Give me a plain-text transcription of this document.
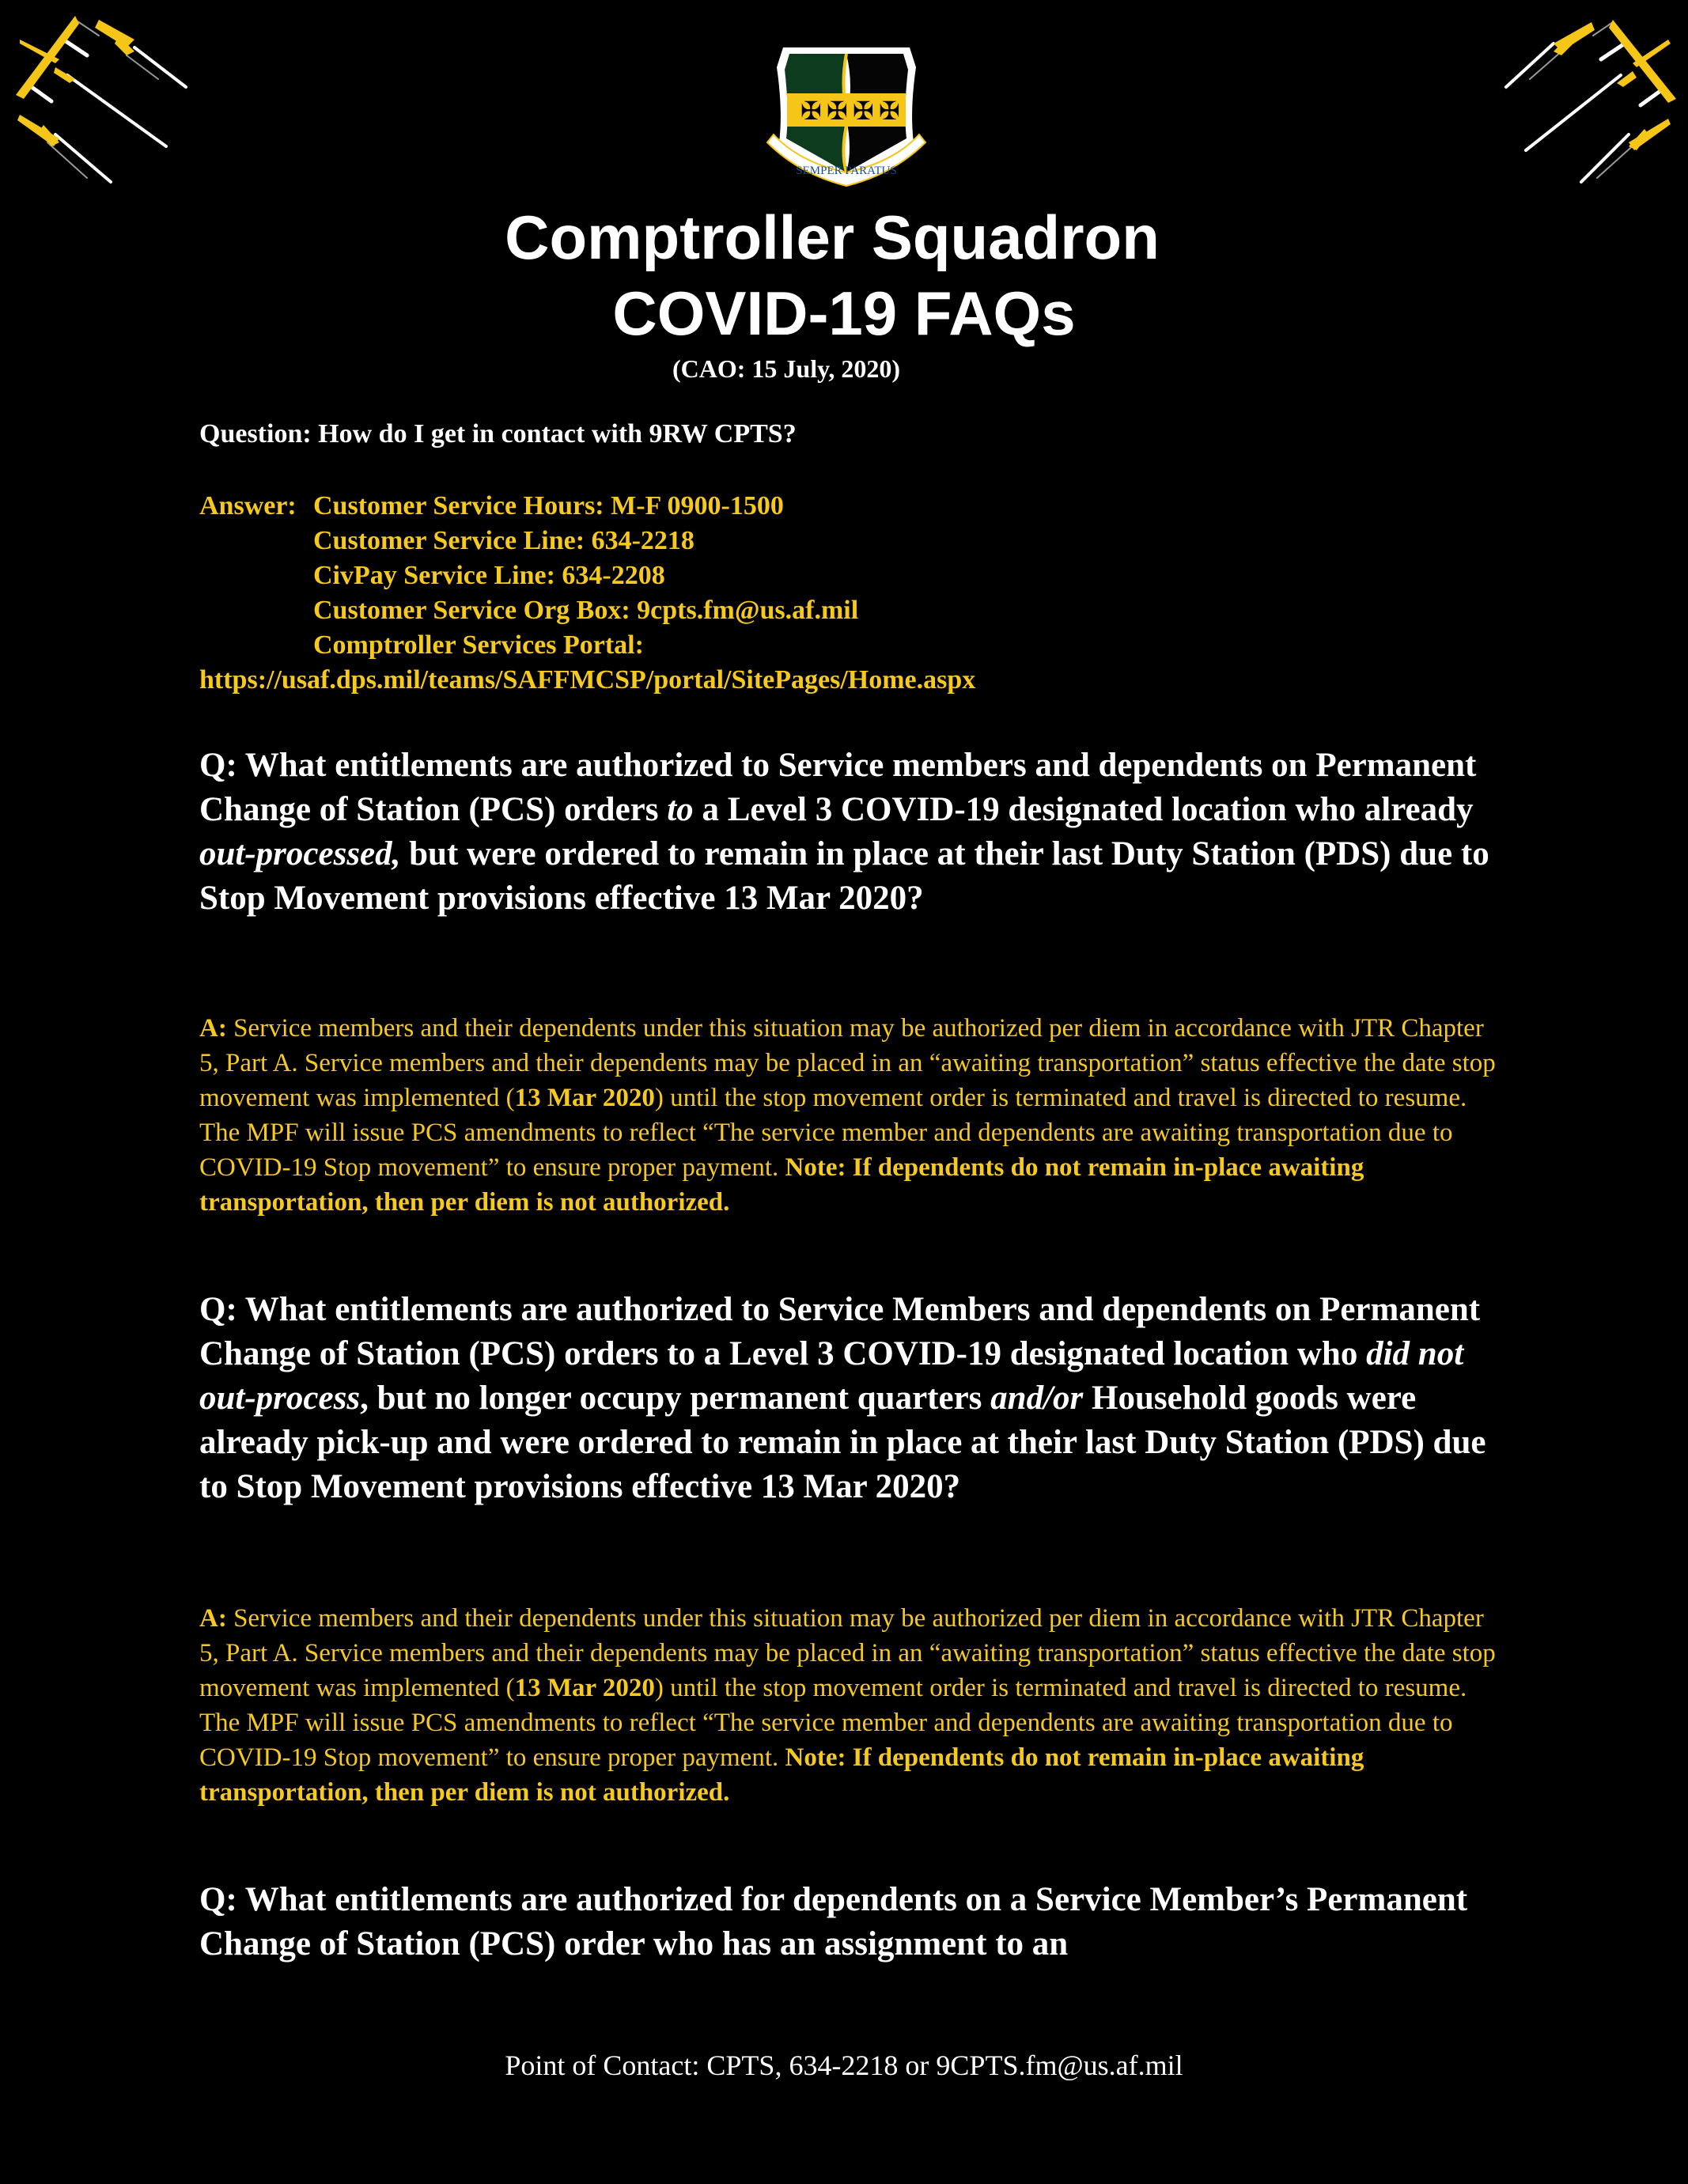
✠ ✠ ✠ ✠
SEMPER PARATUS
Comptroller Squadron
COVID-19 FAQs
(CAO: 15 July, 2020)
Question: How do I get in contact with 9RW CPTS?
Answer: Customer Service Hours: M-F 0900-1500
Customer Service Line: 634-2218
CivPay Service Line: 634-2208
Customer Service Org Box: 9cpts.fm@us.af.mil
Comptroller Services Portal:
https://usaf.dps.mil/teams/SAFFMCSP/portal/SitePages/Home.aspx
Q: What entitlements are authorized to Service members and dependents on Permanent Change of Station (PCS) orders to a Level 3 COVID-19 designated location who already out-processed, but were ordered to remain in place at their last Duty Station (PDS) due to Stop Movement provisions effective 13 Mar 2020?
A: Service members and their dependents under this situation may be authorized per diem in accordance with JTR Chapter 5, Part A. Service members and their dependents may be placed in an “awaiting transportation” status effective the date stop movement was implemented (13 Mar 2020) until the stop movement order is terminated and travel is directed to resume. The MPF will issue PCS amendments to reflect “The service member and dependents are awaiting transportation due to COVID-19 Stop movement” to ensure proper payment. Note: If dependents do not remain in-place awaiting transportation, then per diem is not authorized.
Q: What entitlements are authorized to Service Members and dependents on Permanent Change of Station (PCS) orders to a Level 3 COVID-19 designated location who did not out-process, but no longer occupy permanent quarters and/or Household goods were already pick-up and were ordered to remain in place at their last Duty Station (PDS) due to Stop Movement provisions effective 13 Mar 2020?
A: Service members and their dependents under this situation may be authorized per diem in accordance with JTR Chapter 5, Part A. Service members and their dependents may be placed in an “awaiting transportation” status effective the date stop movement was implemented (13 Mar 2020) until the stop movement order is terminated and travel is directed to resume. The MPF will issue PCS amendments to reflect “The service member and dependents are awaiting transportation due to COVID-19 Stop movement” to ensure proper payment. Note: If dependents do not remain in-place awaiting transportation, then per diem is not authorized.
Q: What entitlements are authorized for dependents on a Service Member’s Permanent Change of Station (PCS) order who has an assignment to an
Point of Contact: CPTS, 634-2218 or 9CPTS.fm@us.af.mil
